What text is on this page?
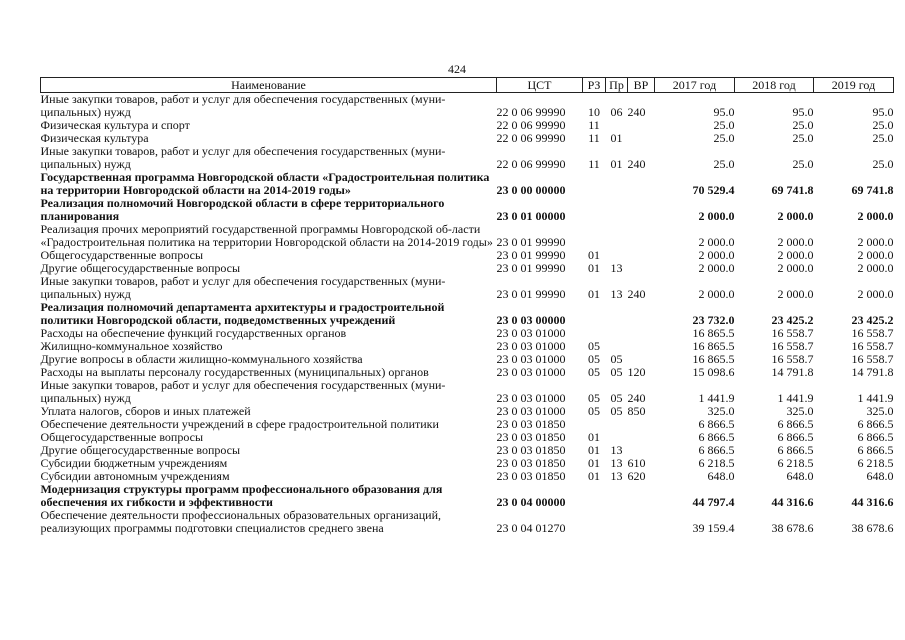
424
Наименование	ЦСТ	РЗ	Пр	ВР	2017 год	2018 год	2019 год
Иные закупки товаров, работ и услуг для обеспечения государственных (муни-ципальных) нужд	22 0 06 99990	10	06	240	95.0	95.0	95.0
Физическая культура и спорт	22 0 06 99990	11			25.0	25.0	25.0
Физическая культура	22 0 06 99990	11	01		25.0	25.0	25.0
Иные закупки товаров, работ и услуг для обеспечения государственных (муни-ципальных) нужд	22 0 06 99990	11	01	240	25.0	25.0	25.0
Государственная программа Новгородской области «Градостроительная политика на территории Новгородской области на 2014-2019 годы»	23 0 00 00000				70 529.4	69 741.8	69 741.8
Реализация полномочий Новгородской области в сфере территориального планирования	23 0 01 00000				2 000.0	2 000.0	2 000.0
Реализация прочих мероприятий государственной программы Новгородской об-ласти «Градостроительная политика на территории Новгородской области на 2014-2019 годы»	23 0 01 99990				2 000.0	2 000.0	2 000.0
Общегосударственные вопросы	23 0 01 99990	01			2 000.0	2 000.0	2 000.0
Другие общегосударственные вопросы	23 0 01 99990	01	13		2 000.0	2 000.0	2 000.0
Иные закупки товаров, работ и услуг для обеспечения государственных (муни-ципальных) нужд	23 0 01 99990	01	13	240	2 000.0	2 000.0	2 000.0
Реализация полномочий департамента архитектуры и градостроительной политики Новгородской области, подведомственных учреждений	23 0 03 00000				23 732.0	23 425.2	23 425.2
Расходы на обеспечение функций государственных органов	23 0 03 01000				16 865.5	16 558.7	16 558.7
Жилищно-коммунальное хозяйство	23 0 03 01000	05			16 865.5	16 558.7	16 558.7
Другие вопросы в области жилищно-коммунального хозяйства	23 0 03 01000	05	05		16 865.5	16 558.7	16 558.7
Расходы на выплаты персоналу государственных (муниципальных) органов	23 0 03 01000	05	05	120	15 098.6	14 791.8	14 791.8
Иные закупки товаров, работ и услуг для обеспечения государственных (муни-ципальных) нужд	23 0 03 01000	05	05	240	1 441.9	1 441.9	1 441.9
Уплата налогов, сборов и иных платежей	23 0 03 01000	05	05	850	325.0	325.0	325.0
Обеспечение деятельности учреждений в сфере градостроительной политики	23 0 03 01850				6 866.5	6 866.5	6 866.5
Общегосударственные вопросы	23 0 03 01850	01			6 866.5	6 866.5	6 866.5
Другие общегосударственные вопросы	23 0 03 01850	01	13		6 866.5	6 866.5	6 866.5
Субсидии бюджетным учреждениям	23 0 03 01850	01	13	610	6 218.5	6 218.5	6 218.5
Субсидии автономным учреждениям	23 0 03 01850	01	13	620	648.0	648.0	648.0
Модернизация структуры программ профессионального образования для обеспечения их гибкости и эффективности	23 0 04 00000				44 797.4	44 316.6	44 316.6
Обеспечение деятельности профессиональных образовательных организаций, реализующих программы подготовки специалистов среднего звена	23 0 04 01270				39 159.4	38 678.6	38 678.6
